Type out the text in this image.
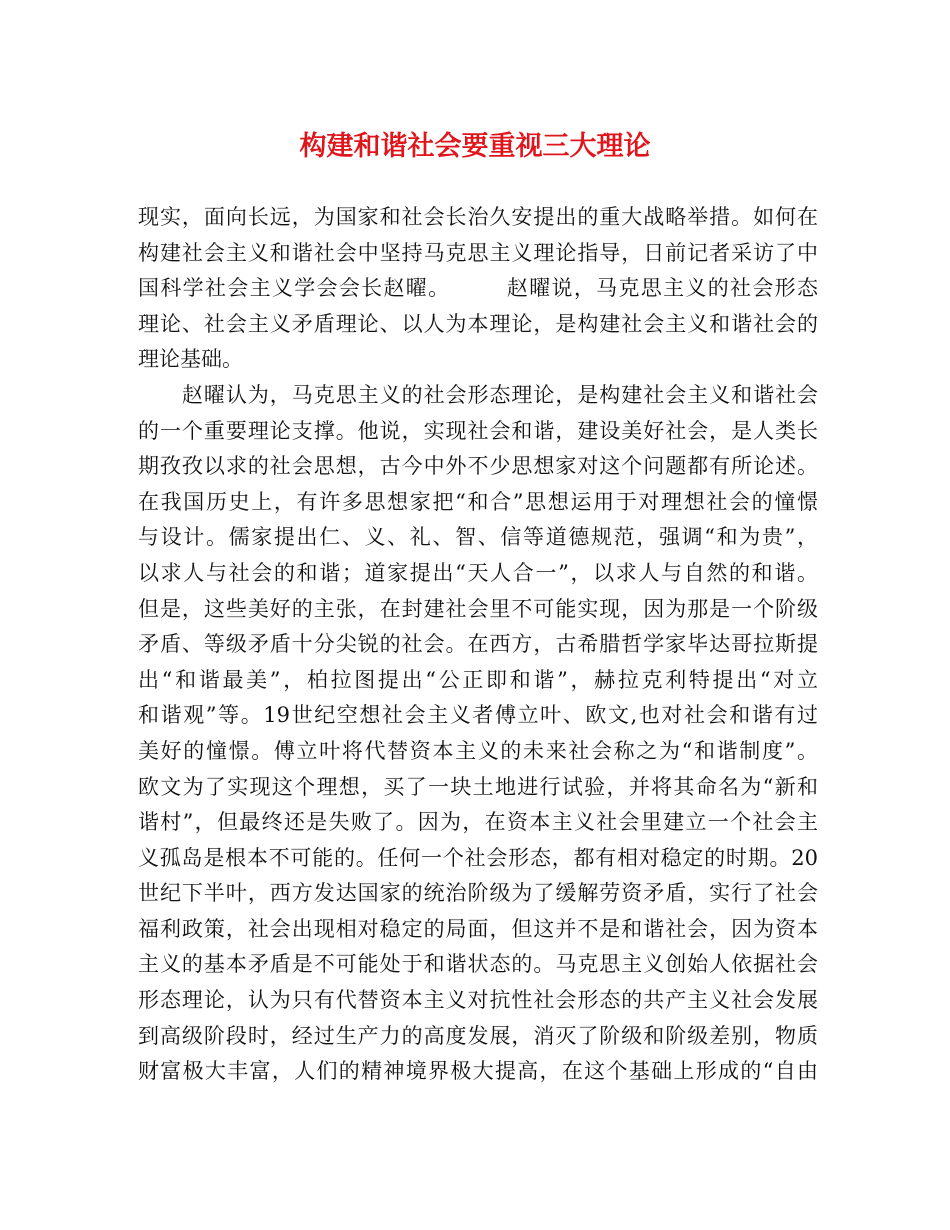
构建和谐社会要重视三大理论
现实，面向长远，为国家和社会长治久安提出的重大战略举措。如何在
构建社会主义和谐社会中坚持马克思主义理论指导，日前记者采访了中
国科学社会主义学会会长赵曜。　　　赵曜说，马克思主义的社会形态
理论、社会主义矛盾理论、以人为本理论，是构建社会主义和谐社会的
理论基础。
　　赵曜认为，马克思主义的社会形态理论，是构建社会主义和谐社会
的一个重要理论支撑。他说，实现社会和谐，建设美好社会，是人类长
期孜孜以求的社会思想，古今中外不少思想家对这个问题都有所论述。
在我国历史上，有许多思想家把“和合”思想运用于对理想社会的憧憬
与设计。儒家提出仁、义、礼、智、信等道德规范，强调“和为贵”，
以求人与社会的和谐；道家提出“天人合一”，以求人与自然的和谐。
但是，这些美好的主张，在封建社会里不可能实现，因为那是一个阶级
矛盾、等级矛盾十分尖锐的社会。在西方，古希腊哲学家毕达哥拉斯提
出“和谐最美”，柏拉图提出“公正即和谐”，赫拉克利特提出“对立
和谐观”等。19世纪空想社会主义者傅立叶、欧文,也对社会和谐有过
美好的憧憬。傅立叶将代替资本主义的未来社会称之为“和谐制度”。
欧文为了实现这个理想，买了一块土地进行试验，并将其命名为“新和
谐村”，但最终还是失败了。因为，在资本主义社会里建立一个社会主
义孤岛是根本不可能的。任何一个社会形态，都有相对稳定的时期。20
世纪下半叶，西方发达国家的统治阶级为了缓解劳资矛盾，实行了社会
福利政策，社会出现相对稳定的局面，但这并不是和谐社会，因为资本
主义的基本矛盾是不可能处于和谐状态的。马克思主义创始人依据社会
形态理论，认为只有代替资本主义对抗性社会形态的共产主义社会发展
到高级阶段时，经过生产力的高度发展，消灭了阶级和阶级差别，物质
财富极大丰富，人们的精神境界极大提高，在这个基础上形成的“自由
